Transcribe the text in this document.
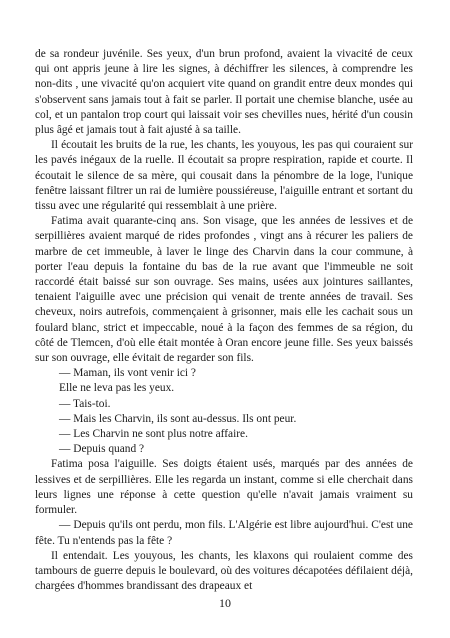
de sa rondeur juvénile. Ses yeux, d'un brun profond, avaient la vivacité de ceux qui ont appris jeune à lire les signes, à déchiffrer les silences, à comprendre les non-dits , une vivacité qu'on acquiert vite quand on grandit entre deux mondes qui s'observent sans jamais tout à fait se parler. Il portait une chemise blanche, usée au col, et un pantalon trop court qui laissait voir ses chevilles nues, hérité d'un cousin plus âgé et jamais tout à fait ajusté à sa taille.

Il écoutait les bruits de la rue, les chants, les youyous, les pas qui couraient sur les pavés inégaux de la ruelle. Il écoutait sa propre respiration, rapide et courte. Il écoutait le silence de sa mère, qui cousait dans la pénombre de la loge, l'unique fenêtre laissant filtrer un rai de lumière poussiéreuse, l'aiguille entrant et sortant du tissu avec une régularité qui ressemblait à une prière.

Fatima avait quarante-cinq ans. Son visage, que les années de lessives et de serpillières avaient marqué de rides profondes , vingt ans à récurer les paliers de marbre de cet immeuble, à laver le linge des Charvin dans la cour commune, à porter l'eau depuis la fontaine du bas de la rue avant que l'immeuble ne soit raccordé était baissé sur son ouvrage. Ses mains, usées aux jointures saillantes, tenaient l'aiguille avec une précision qui venait de trente années de travail. Ses cheveux, noirs autrefois, commençaient à grisonner, mais elle les cachait sous un foulard blanc, strict et impeccable, noué à la façon des femmes de sa région, du côté de Tlemcen, d'où elle était montée à Oran encore jeune fille. Ses yeux baissés sur son ouvrage, elle évitait de regarder son fils.

— Maman, ils vont venir ici ?

Elle ne leva pas les yeux.

— Tais-toi.

— Mais les Charvin, ils sont au-dessus. Ils ont peur.

— Les Charvin ne sont plus notre affaire.

— Depuis quand ?

Fatima posa l'aiguille. Ses doigts étaient usés, marqués par des années de lessives et de serpillières. Elle les regarda un instant, comme si elle cherchait dans leurs lignes une réponse à cette question qu'elle n'avait jamais vraiment su formuler.

— Depuis qu'ils ont perdu, mon fils. L'Algérie est libre aujourd'hui. C'est une fête. Tu n'entends pas la fête ?

Il entendait. Les youyous, les chants, les klaxons qui roulaient comme des tambours de guerre depuis le boulevard, où des voitures décapotées défilaient déjà, chargées d'hommes brandissant des drapeaux et

10
